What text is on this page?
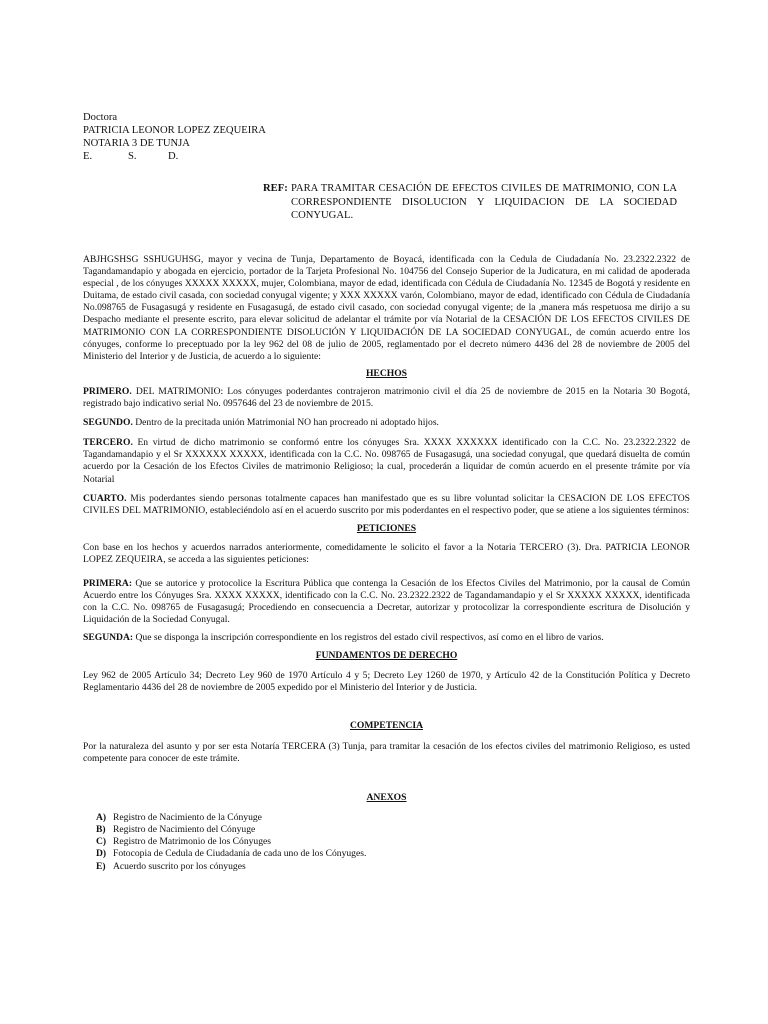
Doctora
PATRICIA LEONOR LOPEZ ZEQUEIRA
NOTARIA 3 DE TUNJA
E.	S.	D.
REF: PARA TRAMITAR CESACIÓN DE EFECTOS CIVILES DE MATRIMONIO, CON LA CORRESPONDIENTE DISOLUCION Y LIQUIDACION DE LA SOCIEDAD CONYUGAL.

ABJHGSHSG SSHUGUHSG, mayor y vecina de Tunja, Departamento de Boyacá, identificada con la Cedula de Ciudadanía No. 23.2322.2322 de Tagandamandapio y abogada en ejercicio, portador de la Tarjeta Profesional No. 104756 del Consejo Superior de la Judicatura, en mi calidad de apoderada especial , de los cónyuges XXXXX XXXXX, mujer, Colombiana, mayor de edad, identificada con Cédula de Ciudadanía No. 12345 de Bogotá y residente en Duitama, de estado civil casada, con sociedad conyugal vigente; y XXX XXXXX varón, Colombiano, mayor de edad, identificado con Cédula de Ciudadanía No.098765 de Fusagasugá y residente en Fusagasugá, de estado civil casado, con sociedad conyugal vigente; de la ,manera más respetuosa me dirijo a su Despacho mediante el presente escrito, para elevar solicitud de adelantar el trámite por vía Notarial de la CESACIÓN DE LOS EFECTOS CIVILES DE MATRIMONIO CON LA CORRESPONDIENTE DISOLUCIÓN Y LIQUIDACIÓN DE LA SOCIEDAD CONYUGAL, de común acuerdo entre los cónyuges, conforme lo preceptuado por la ley 962 del 08 de julio de 2005, reglamentado por el decreto número 4436 del 28 de noviembre de 2005 del Ministerio del Interior y de Justicia, de acuerdo a lo siguiente:

HECHOS

PRIMERO. DEL MATRIMONIO: Los cónyuges poderdantes contrajeron matrimonio civil el día 25 de noviembre de 2015 en la Notaria 30 Bogotá, registrado bajo indicativo serial No. 0957646 del 23 de noviembre de 2015.

SEGUNDO. Dentro de la precitada unión Matrimonial NO han procreado ni adoptado hijos.

TERCERO. En virtud de dicho matrimonio se conformó entre los cónyuges Sra. XXXX XXXXXX identificado con la C.C. No. 23.2322.2322 de Tagandamandapio y el Sr XXXXXX XXXXX, identificada con la C.C. No. 098765 de Fusagasugá, una sociedad conyugal, que quedará disuelta de común acuerdo por la Cesación de los Efectos Civiles de matrimonio Religioso; la cual, procederán a liquidar de común acuerdo en el presente trámite por vía Notarial

CUARTO. Mis poderdantes siendo personas totalmente capaces han manifestado que es su libre voluntad solicitar la CESACION DE LOS EFECTOS CIVILES DEL MATRIMONIO, estableciéndolo así en el acuerdo suscrito por mis poderdantes en el respectivo poder, que se atiene a los siguientes términos:

PETICIONES

Con base en los hechos y acuerdos narrados anteriormente, comedidamente le solicito el favor a la Notaria TERCERO (3). Dra. PATRICIA LEONOR LOPEZ ZEQUEIRA, se acceda a las siguientes peticiones:

PRIMERA: Que se autorice y protocolice la Escritura Pública que contenga la Cesación de los Efectos Civiles del Matrimonio, por la causal de Común Acuerdo entre los Cónyuges Sra. XXXX XXXXX, identificado con la C.C. No. 23.2322.2322 de Tagandamandapio y el Sr XXXXX XXXXX, identificada con la C.C. No. 098765 de Fusagasugá; Procediendo en consecuencia a Decretar, autorizar y protocolizar la correspondiente escritura de Disolución y Liquidación de la Sociedad Conyugal.

SEGUNDA: Que se disponga la inscripción correspondiente en los registros del estado civil respectivos, así como en el libro de varios.

FUNDAMENTOS DE DERECHO

Ley 962 de 2005 Artículo 34; Decreto Ley 960 de 1970 Artículo 4 y 5; Decreto Ley 1260 de 1970, y Artículo 42 de la Constitución Política y Decreto Reglamentario 4436 del 28 de noviembre de 2005 expedido por el Ministerio del Interior y de Justicia.

COMPETENCIA

Por la naturaleza del asunto y por ser esta Notaría TERCERA (3) Tunja, para tramitar la cesación de los efectos civiles del matrimonio Religioso, es usted competente para conocer de este trámite.

ANEXOS

A) Registro de Nacimiento de la Cónyuge
B) Registro de Nacimiento del Cónyuge
C) Registro de Matrimonio de los Cónyuges
D) Fotocopia de Cedula de Ciudadanía de cada uno de los Cónyuges.
E) Acuerdo suscrito por los cónyuges
